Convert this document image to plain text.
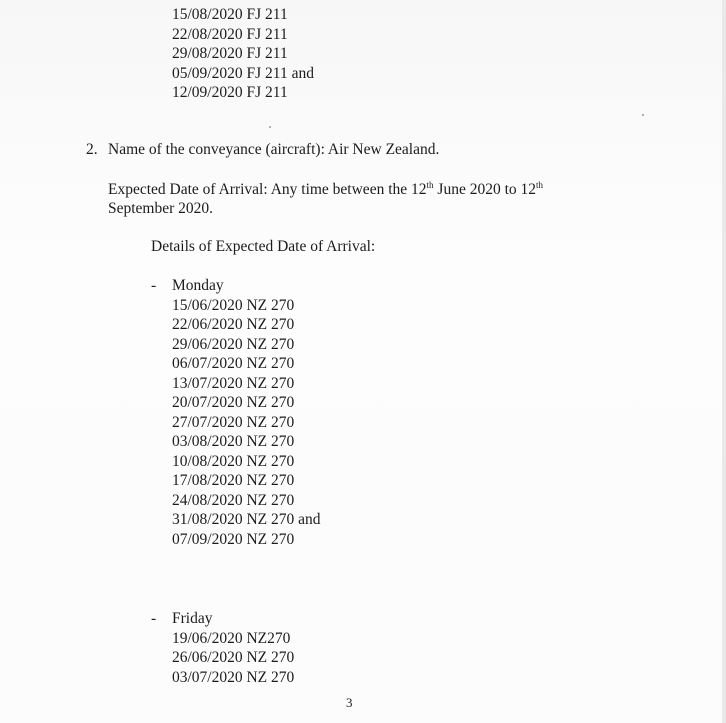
15/08/2020 FJ 211
22/08/2020 FJ 211
29/08/2020 FJ 211
05/09/2020 FJ 211 and
12/09/2020 FJ 211
2. Name of the conveyance (aircraft): Air New Zealand.
Expected Date of Arrival: Any time between the 12th June 2020 to 12th
September 2020.
Details of Expected Date of Arrival:
- Monday
15/06/2020 NZ 270
22/06/2020 NZ 270
29/06/2020 NZ 270
06/07/2020 NZ 270
13/07/2020 NZ 270
20/07/2020 NZ 270
27/07/2020 NZ 270
03/08/2020 NZ 270
10/08/2020 NZ 270
17/08/2020 NZ 270
24/08/2020 NZ 270
31/08/2020 NZ 270 and
07/09/2020 NZ 270
- Friday
19/06/2020 NZ270
26/06/2020 NZ 270
03/07/2020 NZ 270
3
